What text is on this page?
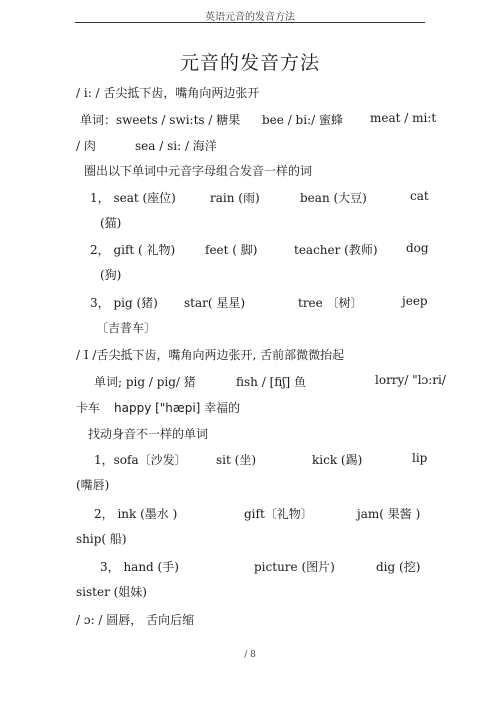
英语元音的发音方法
元音的发音方法
/ i: / 舌尖抵下齿，嘴角向两边张开
单词：sweets / swi:ts / 糖果 bee / bi:/ 蜜蜂 meat / mi:t
/ 肉	sea / si: / 海洋
圈出以下单词中元音字母组合发音一样的词
1， seat (座位)	rain (雨)	bean (大豆)	cat
(猫)
2， gift ( 礼物) feet ( 脚)	teacher (教师) dog
(狗)
3， pig (猪) star( 星星)	tree 〔树〕	jeep
〔吉普车〕
/ I /舌尖抵下齿，嘴角向两边张开, 舌前部微微抬起
单词; pig / pig/ 猪	fish / [fiʃ] 鱼	lorry/ "lɔ:ri/
卡车 happy ["hæpi] 幸福的
找动身音不一样的单词
1，sofa〔沙发〕 sit (坐)	kick (踢)	lip
(嘴唇)
2， ink (墨水 )	gift〔礼物〕	jam( 果酱 )
ship( 船)
3， hand (手)	picture (图片)	dig (挖)
sister (姐妹)
/ ɔ: / 圆唇， 舌向后缩
/ 8
